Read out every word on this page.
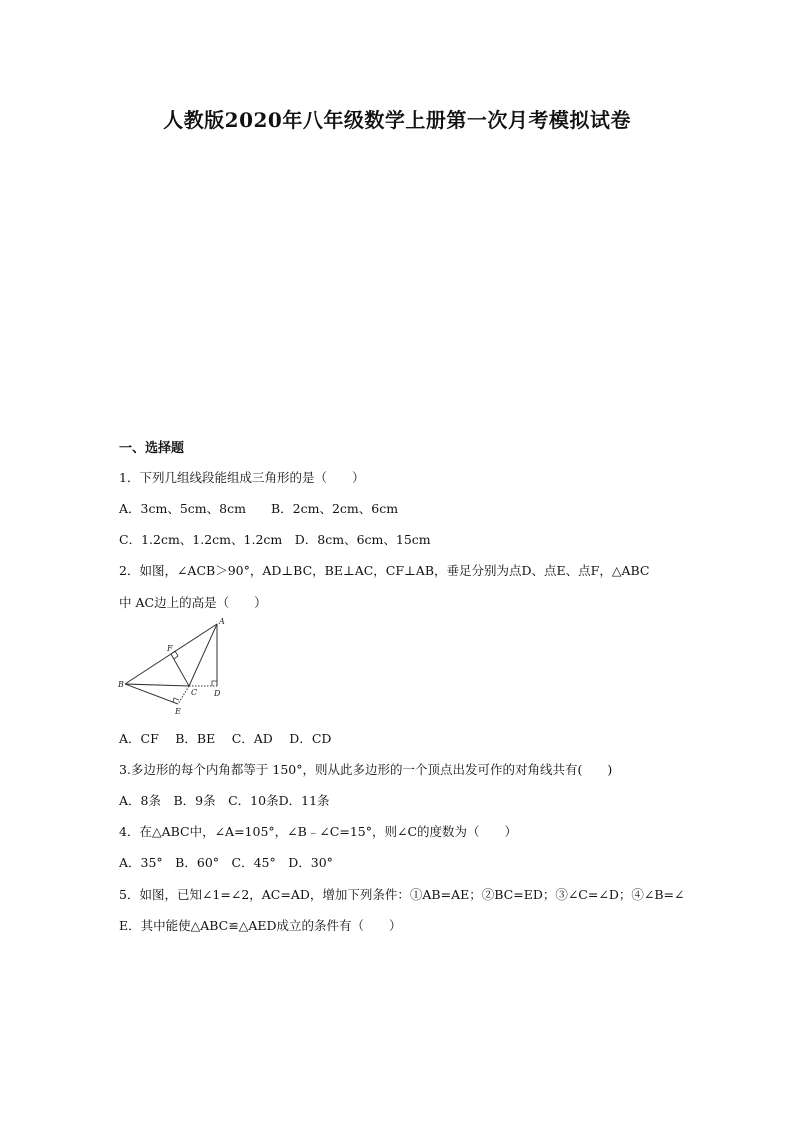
人教版2020年八年级数学上册第一次月考模拟试卷
一、选择题
1．下列几组线段能组成三角形的是（　　）
A．3cm、5cm、8cm　　B．2cm、2cm、6cm
C．1.2cm、1.2cm、1.2cm　D．8cm、6cm、15cm
2．如图，∠ACB＞90°，AD⊥BC，BE⊥AC，CF⊥AB，垂足分别为点D、点E、点F，△ABC
中 AC边上的高是（　　）
A
B
C D
E
F
A．CF　 B．BE　 C．AD　 D．CD
3.多边形的每个内角都等于 150°，则从此多边形的一个顶点出发可作的对角线共有(　　)
A．8条　B．9条　C．10条D．11条
4．在△ABC中，∠A=105°，∠B﹣∠C=15°，则∠C的度数为（　　）
A．35°　B．60°　C．45°　D．30°
5．如图，已知∠1=∠2，AC=AD，增加下列条件：①AB=AE；②BC=ED；③∠C=∠D；④∠B=∠
E．其中能使△ABC≌△AED成立的条件有（　　）
